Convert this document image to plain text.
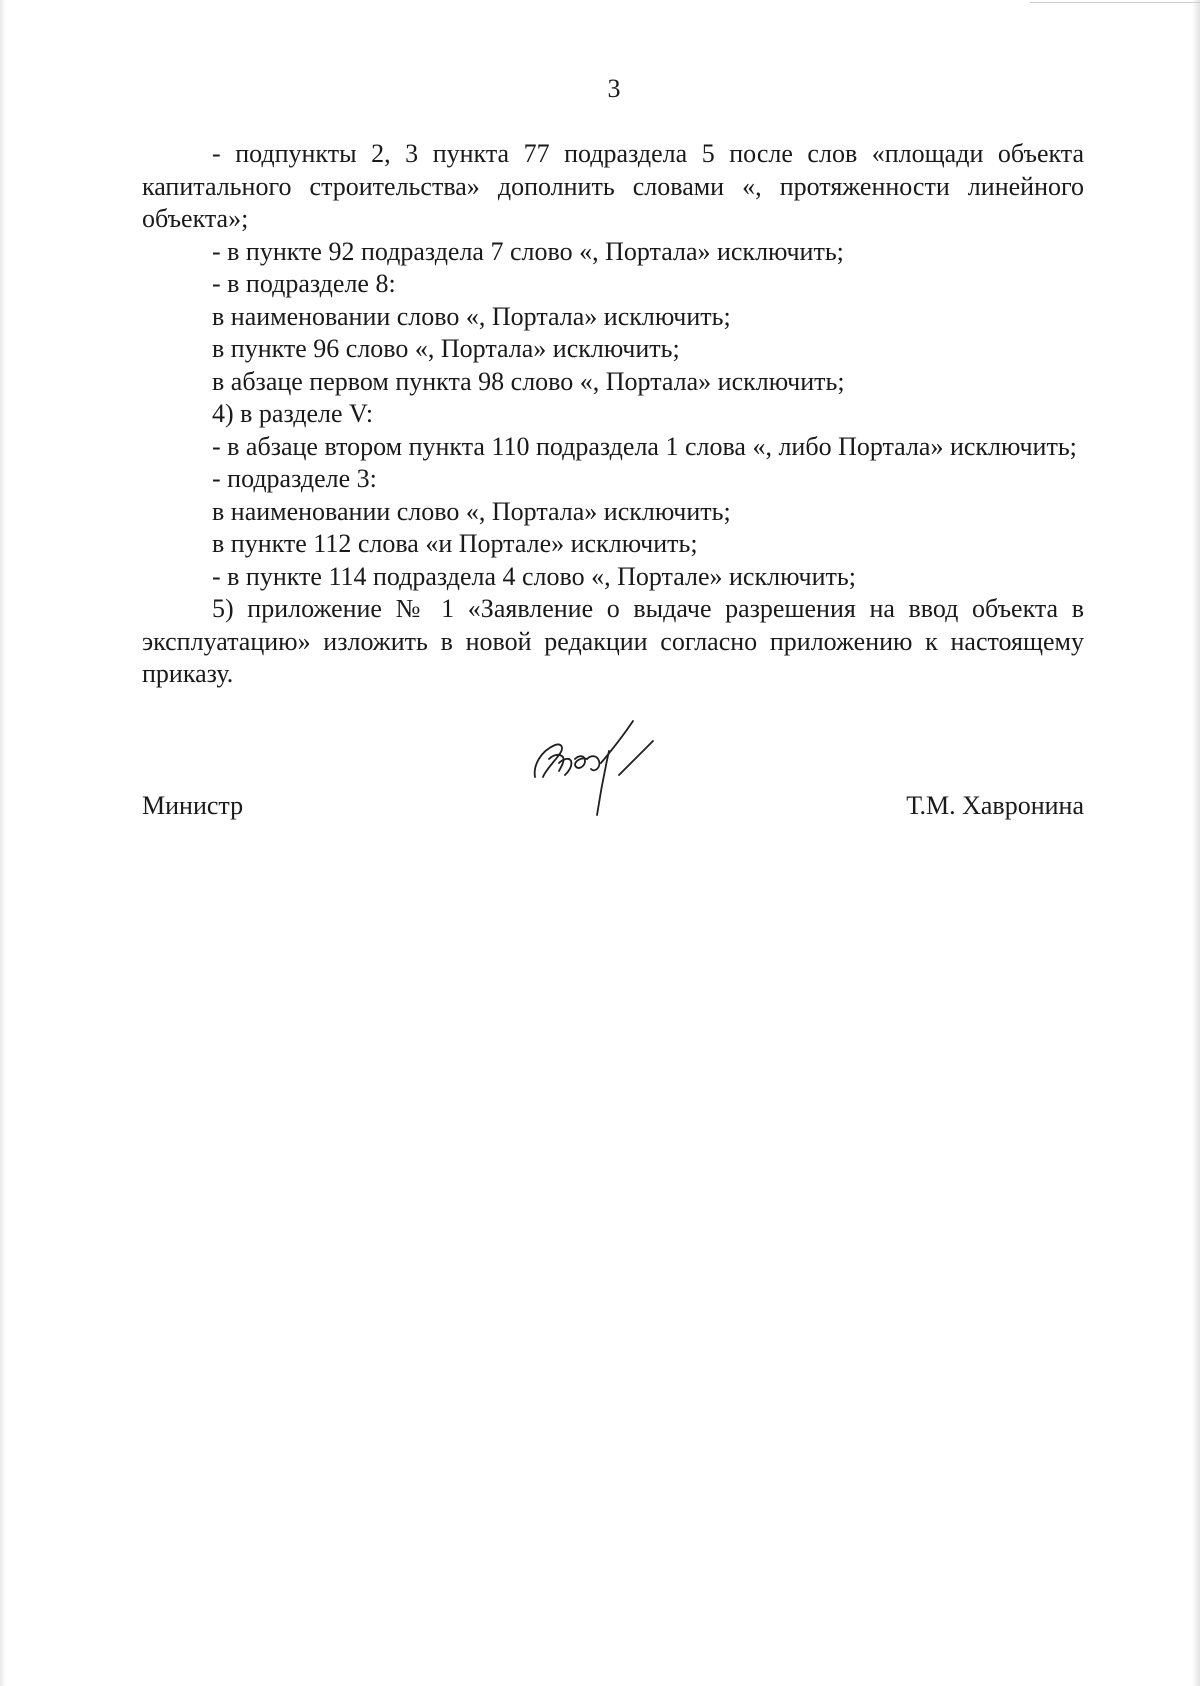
3

- подпункты 2, 3 пункта 77 подраздела 5 после слов «площади объекта капитального строительства» дополнить словами «, протяженности линейного объекта»;

- в пункте 92 подраздела 7 слово «, Портала» исключить;

- в подразделе 8:

в наименовании слово «, Портала» исключить;

в пункте 96 слово «, Портала» исключить;

в абзаце первом пункта 98 слово «, Портала» исключить;

4) в разделе V:

- в абзаце втором пункта 110 подраздела 1 слова «, либо Портала» исключить;

- подразделе 3:

в наименовании слово «, Портала» исключить;

в пункте 112 слова «и Портале» исключить;

- в пункте 114 подраздела 4 слово «, Портале» исключить;

5) приложение № 1 «Заявление о выдаче разрешения на ввод объекта в эксплуатацию» изложить в новой редакции согласно приложению к настоящему приказу.

Министр	Т.М. Хавронина
